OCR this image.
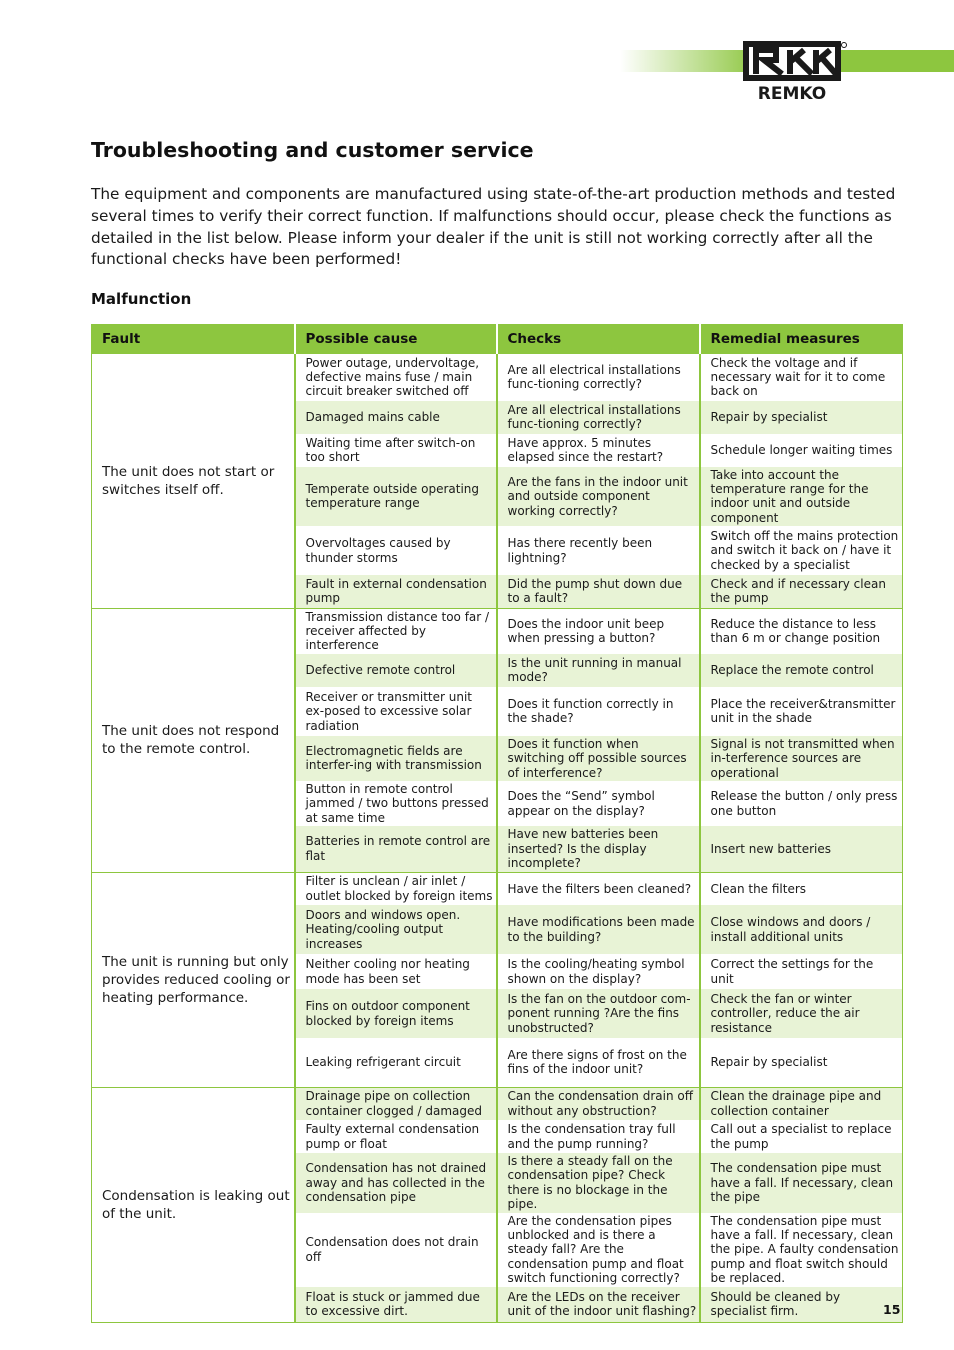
REMKO
Troubleshooting and customer service

The equipment and components are manufactured using state-of-the-art production methods and tested several times to verify their correct function. If malfunctions should occur, please check the functions as detailed in the list below. Please inform your dealer if the unit is still not working correctly after all the functional checks have been performed!

Malfunction
Fault	Possible cause	Checks	Remedial measures
The unit does not start or switches itself off.	Power outage, undervoltage, defective mains fuse / main circuit breaker switched off	Are all electrical installations func-tioning correctly?	Check the voltage and if necessary wait for it to come back on
	Damaged mains cable	Are all electrical installations func-tioning correctly?	Repair by specialist
	Waiting time after switch-on too short	Have approx. 5 minutes elapsed since the restart?	Schedule longer waiting times
	Temperate outside operating temperature range	Are the fans in the indoor unit and outside component working correctly?	Take into account the temperature range for the indoor unit and outside component
	Overvoltages caused by thunder storms	Has there recently been lightning?	Switch off the mains protection and switch it back on / have it checked by a specialist
	Fault in external condensation pump	Did the pump shut down due to a fault?	Check and if necessary clean the pump
The unit does not respond to the remote control.	Transmission distance too far / receiver affected by interference	Does the indoor unit beep when pressing a button?	Reduce the distance to less than 6 m or change position
	Defective remote control	Is the unit running in manual mode?	Replace the remote control
	Receiver or transmitter unit ex-posed to excessive solar radiation	Does it function correctly in the shade?	Place the receiver&transmitter unit in the shade
	Electromagnetic fields are interfer-ing with transmission	Does it function when switching off possible sources of interference?	Signal is not transmitted when in-terference sources are operational
	Button in remote control jammed / two buttons pressed at same time	Does the “Send” symbol appear on the display?	Release the button / only press one button
	Batteries in remote control are flat	Have new batteries been inserted? Is the display incomplete?	Insert new batteries
The unit is running but only provides reduced cooling or heating performance.	Filter is unclean / air inlet / outlet blocked by foreign items	Have the filters been cleaned?	Clean the filters
	Doors and windows open. Heating/cooling output increases	Have modifications been made to the building?	Close windows and doors / install additional units
	Neither cooling nor heating mode has been set	Is the cooling/heating symbol shown on the display?	Correct the settings for the unit
	Fins on outdoor component blocked by foreign items	Is the fan on the outdoor com-ponent running ?Are the fins unobstructed?	Check the fan or winter controller, reduce the air resistance
	Leaking refrigerant circuit	Are there signs of frost on the fins of the indoor unit?	Repair by specialist
Condensation is leaking out of the unit.	Drainage pipe on collection container clogged / damaged	Can the condensation drain off without any obstruction?	Clean the drainage pipe and collection container
	Faulty external condensation pump or float	Is the condensation tray full and the pump running?	Call out a specialist to replace the pump
	Condensation has not drained away and has collected in the condensation pipe	Is there a steady fall on the condensation pipe? Check there is no blockage in the pipe.	The condensation pipe must have a fall. If necessary, clean the pipe
	Condensation does not drain off	Are the condensation pipes unblocked and is there a steady fall? Are the condensation pump and float switch functioning correctly?	The condensation pipe must have a fall. If necessary, clean the pipe. A faulty condensation pump and float switch should be replaced.
	Float is stuck or jammed due to excessive dirt.	Are the LEDs on the receiver unit of the indoor unit flashing?	Should be cleaned by specialist firm.	15
